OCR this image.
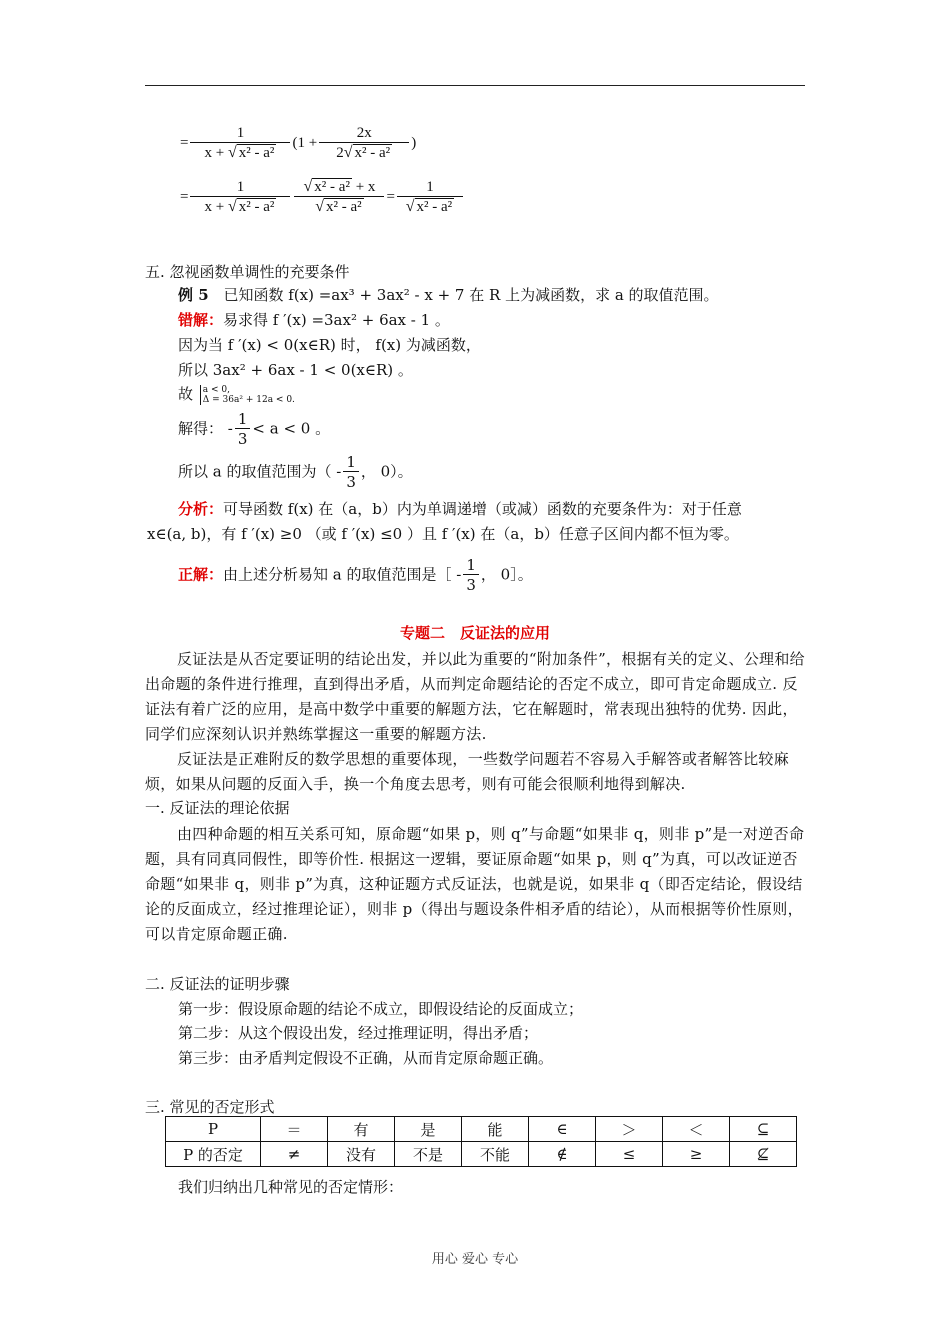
= $\frac{1}{\text{x + √ x² - a²}} (1 + \frac{2x}{\text{2√ x² - a²}}$ )
= $\frac{1}{\text{x + √ x² - a²}} \frac{\text{√ x² - a² + x}}{\text{√ x² - a²}} = \frac{1}{\text{√ x² - a²}}$
五. 忽视函数单调性的充要条件
例 5 已知函数 f(x) =ax³ + 3ax² - x + 7 在 R 上为减函数，求 a 的取值范围。
错解：易求得 f ′(x) =3ax² + 6ax - 1 。
因为当 f ′(x) < 0(x∈R) 时， f(x) 为减函数，
所以 3ax² + 6ax - 1 < 0(x∈R) 。
故 a < 0,
Δ = 36a² + 12a < 0.
解得： - $\frac{1}{3} < a < 0$ 。
所以 a 的取值范围为（ - $\frac{1}{3}$ ， 0）。
分析：可导函数 f(x) 在（a，b）内为单调递增（或减）函数的充要条件为：对于任意
x∈(a, b)，有 f ′(x) ≥0 （或 f ′(x) ≤0 ）且 f ′(x) 在（a，b）任意子区间内都不恒为零。
正解：由上述分析易知 a 的取值范围是［ - $\frac{1}{3}$ ， 0］。
专题二　反证法的应用
反证法是从否定要证明的结论出发，并以此为重要的“附加条件”，根据有关的定义、公理和给出命题的条件进行推理，直到得出矛盾，从而判定命题结论的否定不成立，即可肯定命题成立. 反证法有着广泛的应用，是高中数学中重要的解题方法，它在解题时，常表现出独特的优势. 因此，同学们应深刻认识并熟练掌握这一重要的解题方法.
反证法是正难附反的数学思想的重要体现，一些数学问题若不容易入手解答或者解答比较麻烦，如果从问题的反面入手，换一个角度去思考，则有可能会很顺利地得到解决.
一. 反证法的理论依据
由四种命题的相互关系可知，原命题“如果 p，则 q”与命题“如果非 q，则非 p”是一对逆否命题，具有同真同假性，即等价性. 根据这一逻辑，要证原命题“如果 p，则 q”为真，可以改证逆否命题“如果非 q，则非 p”为真，这种证题方式反证法，也就是说，如果非 q（即否定结论，假设结论的反面成立，经过推理论证），则非 p（得出与题设条件相矛盾的结论），从而根据等价性原则，可以肯定原命题正确.
二. 反证法的证明步骤
第一步：假设原命题的结论不成立，即假设结论的反面成立；
第二步：从这个假设出发，经过推理证明，得出矛盾；
第三步：由矛盾判定假设不正确，从而肯定原命题正确。
三. 常见的否定形式
P	＝	有	是	能	∈	＞	＜	⊆
P 的否定	≠	没有	不是	不能	∉	≤	≥	⊈
我们归纳出几种常见的否定情形：
用心 爱心 专心
